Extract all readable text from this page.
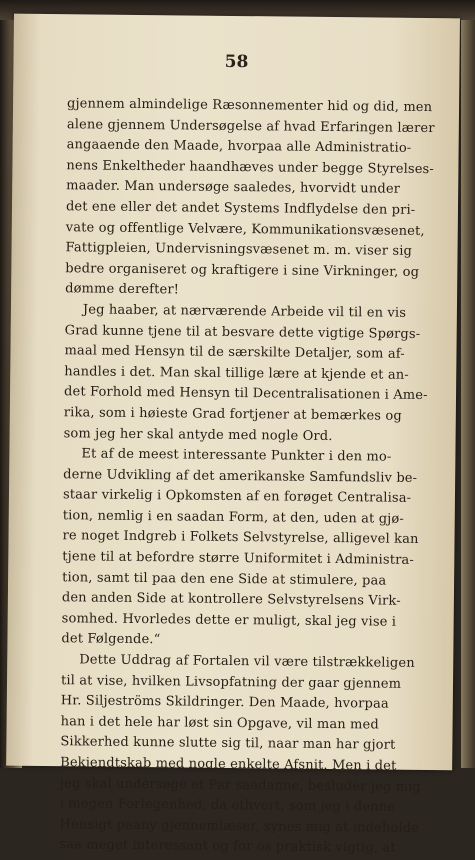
58
gjennem almindelige Ræsonnementer hid og did, men
alene gjennem Undersøgelse af hvad Erfaringen lærer
angaaende den Maade, hvorpaa alle Administratio-
nens Enkeltheder haandhæves under begge Styrelses-
maader. Man undersøge saaledes, hvorvidt under
det ene eller det andet Systems Indflydelse den pri-
vate og offentlige Velvære, Kommunikationsvæsenet,
Fattigpleien, Undervisningsvæsenet m. m. viser sig
bedre organiseret og kraftigere i sine Virkninger, og
dømme derefter!
Jeg haaber, at nærværende Arbeide vil til en vis
Grad kunne tjene til at besvare dette vigtige Spørgs-
maal med Hensyn til de særskilte Detaljer, som af-
handles i det. Man skal tillige lære at kjende et an-
det Forhold med Hensyn til Decentralisationen i Ame-
rika, som i høieste Grad fortjener at bemærkes og
som jeg her skal antyde med nogle Ord.
Et af de meest interessante Punkter i den mo-
derne Udvikling af det amerikanske Samfundsliv be-
staar virkelig i Opkomsten af en forøget Centralisa-
tion, nemlig i en saadan Form, at den, uden at gjø-
re noget Indgreb i Folkets Selvstyrelse, alligevel kan
tjene til at befordre større Uniformitet i Administra-
tion, samt til paa den ene Side at stimulere, paa
den anden Side at kontrollere Selvstyrelsens Virk-
somhed. Hvorledes dette er muligt, skal jeg vise i
det Følgende.“
Dette Uddrag af Fortalen vil være tilstrækkeligen
til at vise, hvilken Livsopfatning der gaar gjennem
Hr. Siljeströms Skildringer. Den Maade, hvorpaa
han i det hele har løst sin Opgave, vil man med
Sikkerhed kunne slutte sig til, naar man har gjort
Bekjendtskab med nogle enkelte Afsnit. Men i det
jeg skal undersøge et Par saadanne, besluder jeg mig
i megen Forlegenhed, da ethvert, som jeg i denne
Hensigt paany gjennemlæser, synes mig at indeholde
saa meget interessant og for os praktisk vigtig, at
